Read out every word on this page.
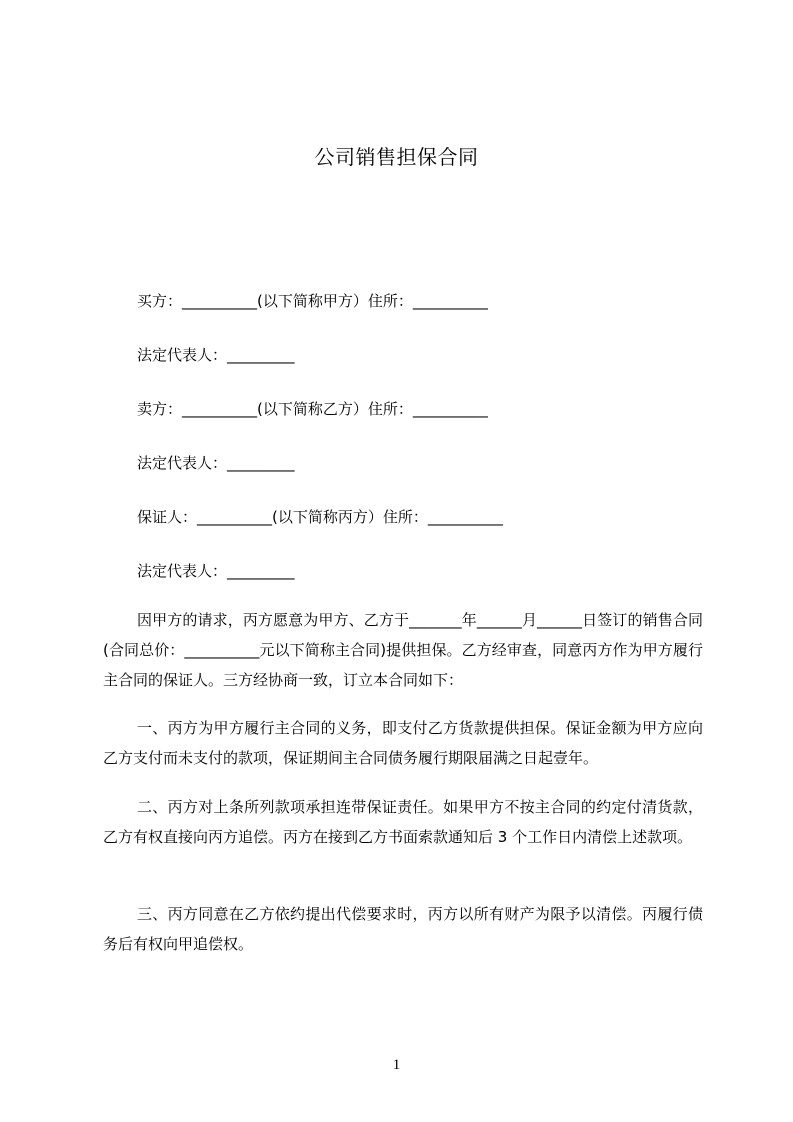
公司销售担保合同
买方：__________(以下简称甲方）住所：__________
法定代表人：_________
卖方：__________(以下简称乙方）住所：__________
法定代表人：_________
保证人：__________(以下简称丙方）住所：__________
法定代表人：_________
因甲方的请求，丙方愿意为甲方、乙方于_______年______月______日签订的销售合同(合同总价：__________元以下简称主合同)提供担保。乙方经审查，同意丙方作为甲方履行主合同的保证人。三方经协商一致，订立本合同如下：
一、丙方为甲方履行主合同的义务，即支付乙方货款提供担保。保证金额为甲方应向乙方支付而未支付的款项，保证期间主合同债务履行期限届满之日起壹年。
二、丙方对上条所列款项承担连带保证责任。如果甲方不按主合同的约定付清货款，乙方有权直接向丙方追偿。丙方在接到乙方书面索款通知后 3 个工作日内清偿上述款项。
三、丙方同意在乙方依约提出代偿要求时，丙方以所有财产为限予以清偿。丙履行债务后有权向甲追偿权。
1
